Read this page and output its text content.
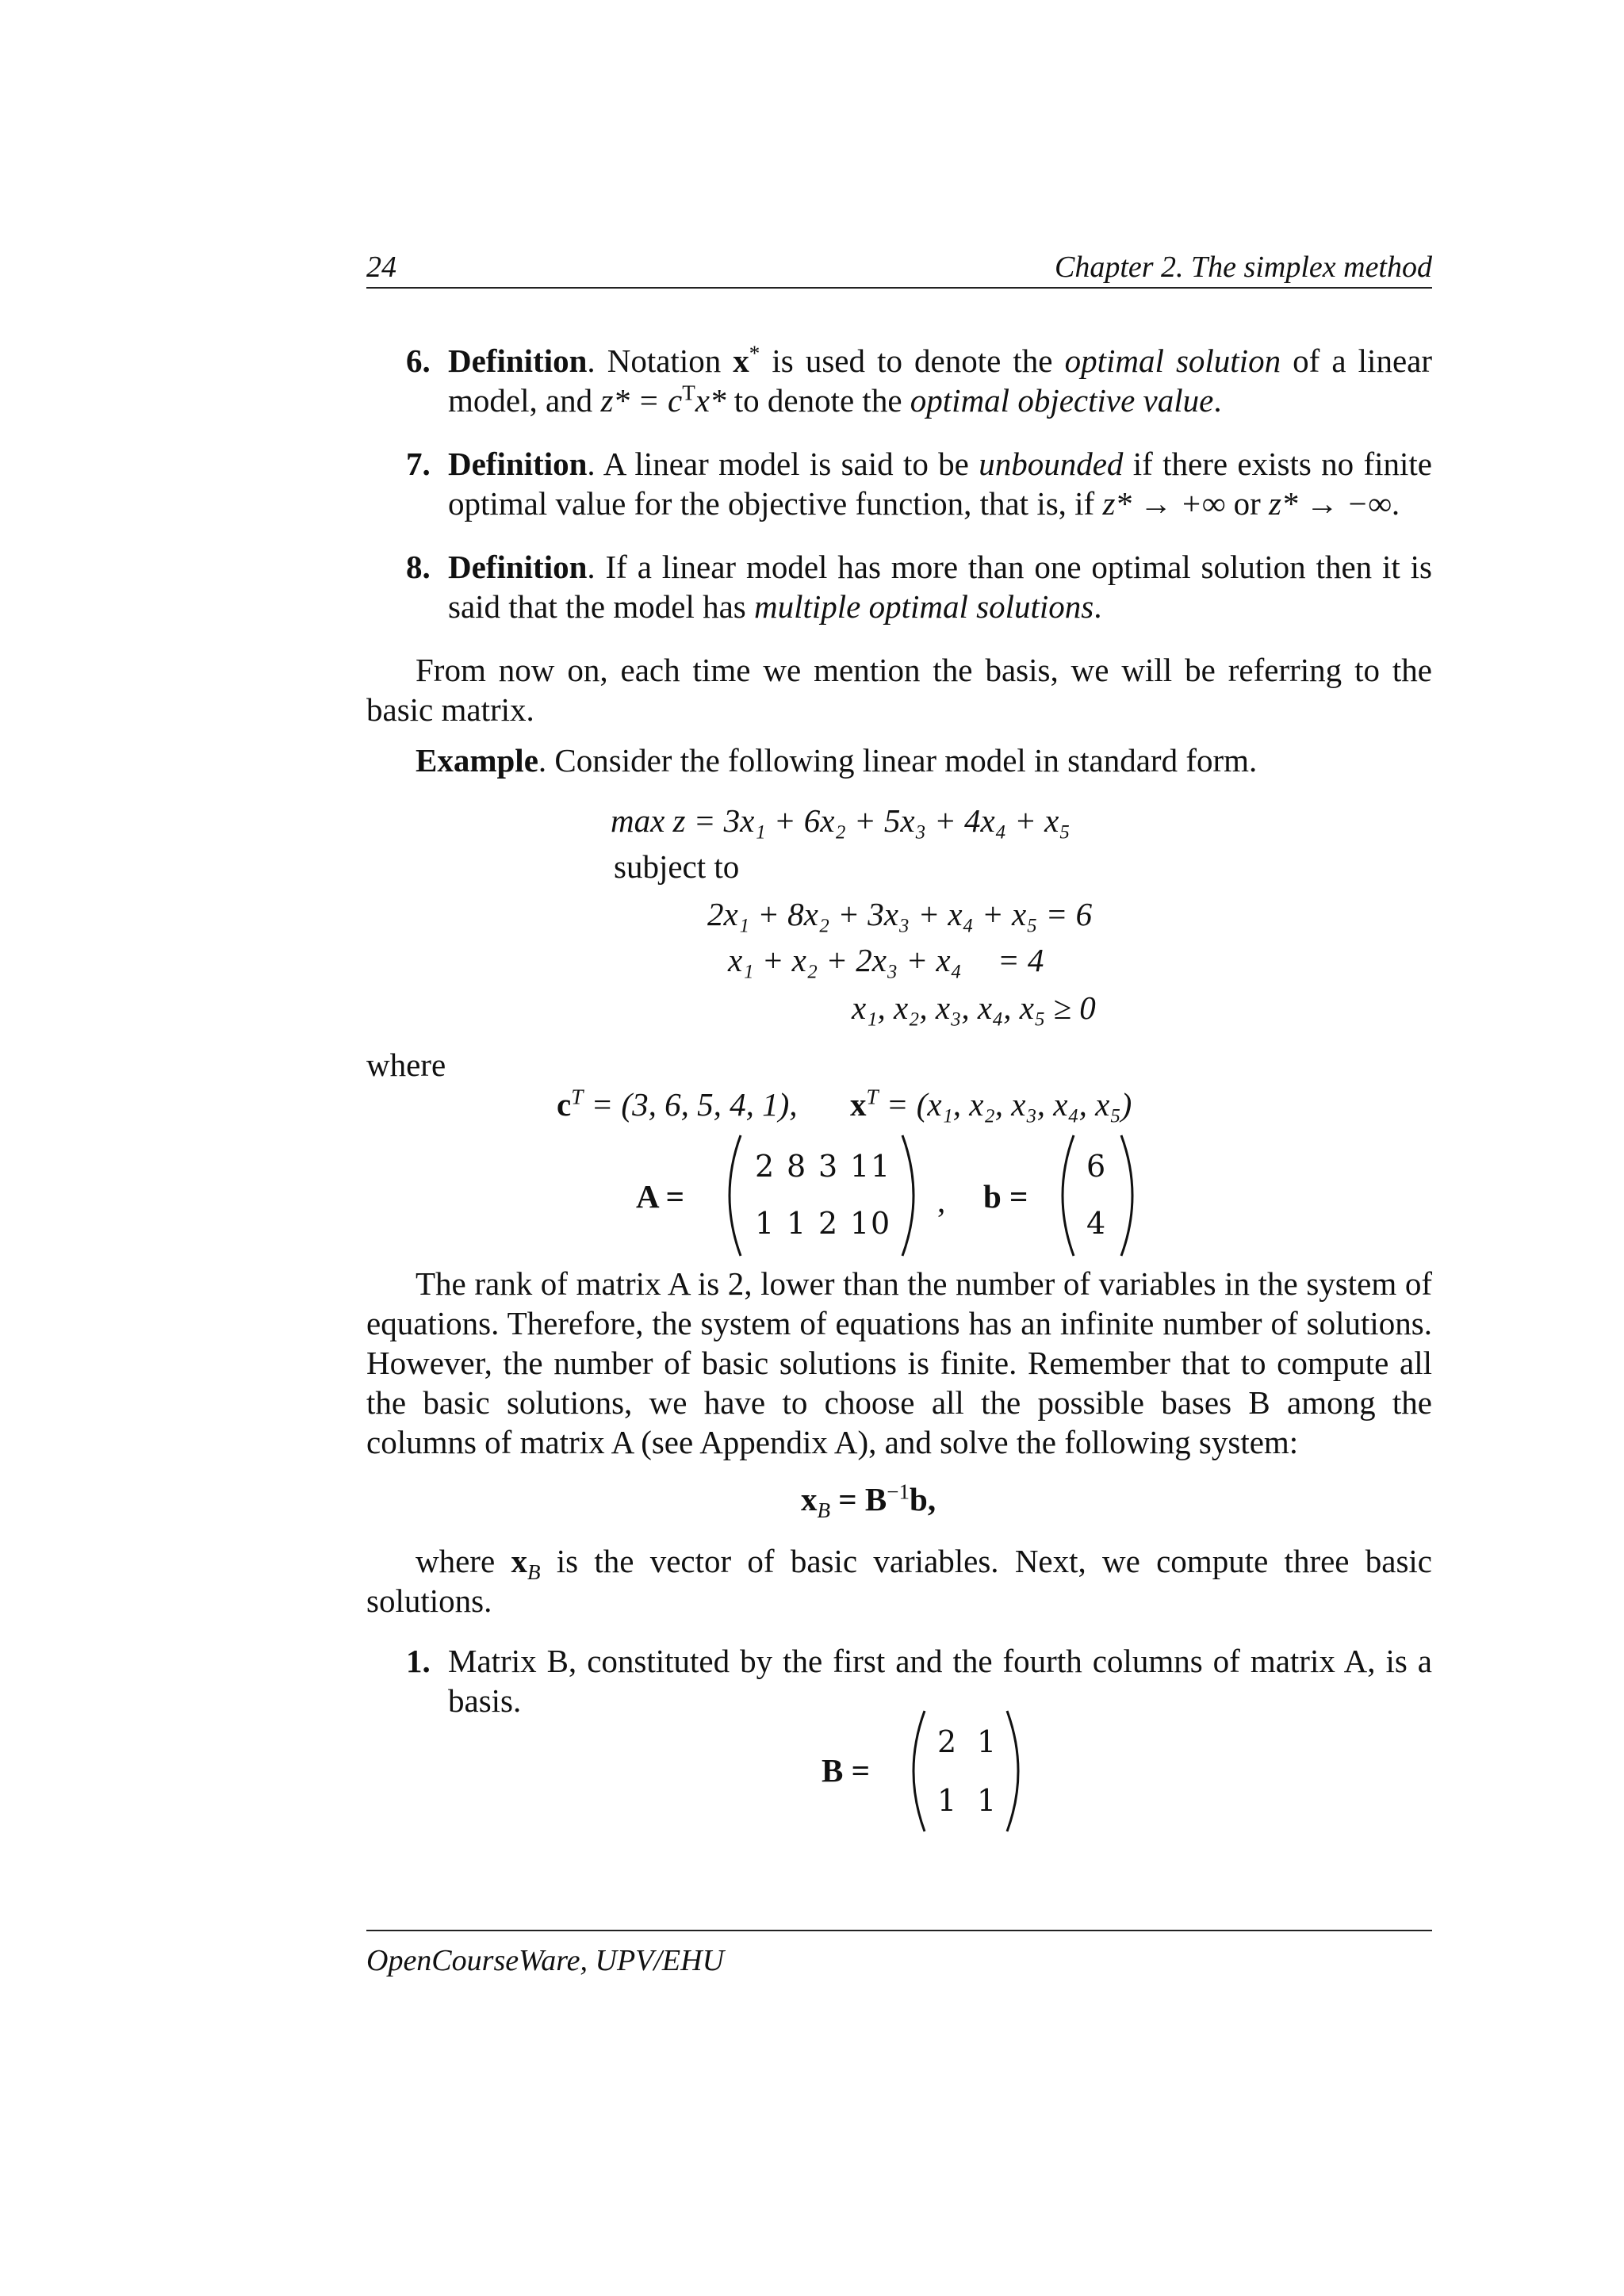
24	Chapter 2. The simplex method
6. Definition. Notation x* is used to denote the optimal solution of a linear model, and $z* = c^Tx*$ to denote the optimal objective value.
7. Definition. A linear model is said to be unbounded if there exists no finite optimal value for the objective function, that is, if z* → +∞ or z* → −∞.
8. Definition. If a linear model has more than one optimal solution then it is said that the model has multiple optimal solutions.

From now on, each time we mention the basis, we will be referring to the basic matrix.

Example. Consider the following linear model in standard form.

max z = 3x₁ + 6x₂ + 5x₃ + 4x₄ + x₅
subject to
2x₁ + 8x₂ + 3x₃ + x₄ + x₅ = 6
x₁ + x₂ + 2x₃ + x₄ = 4
x₁, x₂, x₃, x₄, x₅ ≥ 0
where
$c^T = (3$, 6, 5, 4, 1), $x^T = (x_1$, x₂, x₃, x₄, x₅)
A =
2 8 3 1 1
1 1 2 1 0
, b =
6
4

The rank of matrix A is 2, lower than the number of variables in the system of equations. Therefore, the system of equations has an infinite number of solutions. However, the number of basic solutions is finite. Remember that to compute all the basic solutions, we have to choose all the possible bases B among the columns of matrix A (see Appendix A), and solve the following system:

$x_B = B^{-1}b$,

where $x_B$ is the vector of basic variables. Next, we compute three basic solutions.

1. Matrix B, constituted by the first and the fourth columns of matrix A, is a basis.
B =
2 1
1 1
OpenCourseWare, UPV/EHU
